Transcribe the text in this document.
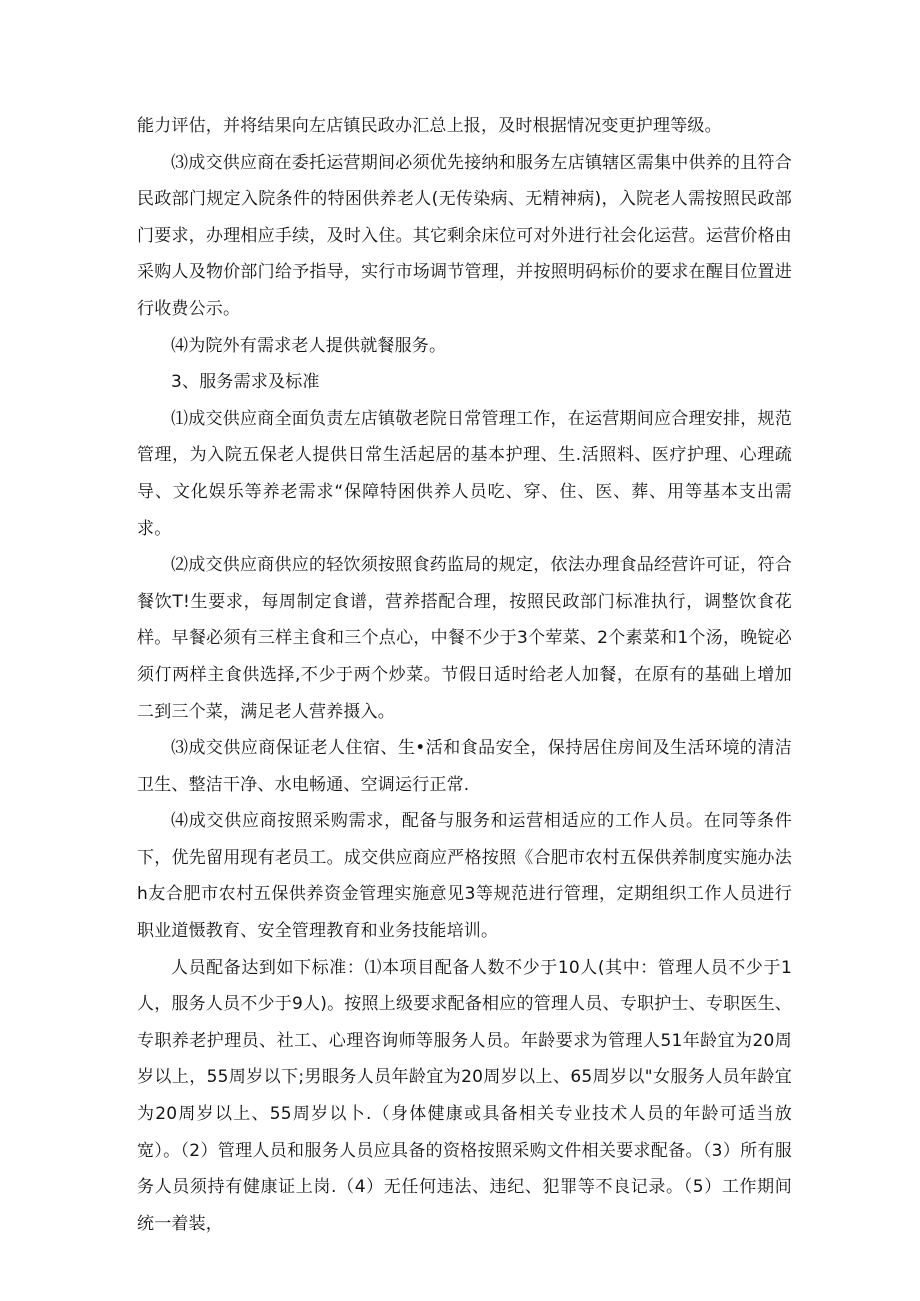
能力评估，并将结果向左店镇民政办汇总上报，及时根据情况变更护理等级。

⑶成交供应商在委托运营期间必须优先接纳和服务左店镇辖区需集中供养的且符合民政部门规定入院条件的特困供养老人(无传染病、无精神病)，入院老人需按照民政部门要求，办理相应手续，及时入住。其它剩余床位可对外进行社会化运营。运营价格由采购人及物价部门给予指导，实行市场调节管理，并按照明码标价的要求在醒目位置进行收费公示。

⑷为院外有需求老人提供就餐服务。

3、服务需求及标准

⑴成交供应商全面负责左店镇敬老院日常管理工作，在运营期间应合理安排，规范管理，为入院五保老人提供日常生活起居的基本护理、生.活照料、医疗护理、心理疏导、文化娱乐等养老需求“保障特困供养人员吃、穿、住、医、葬、用等基本支出需求。

⑵成交供应商供应的轻饮须按照食药监局的规定，依法办理食品经营许可证，符合餐饮T!生要求，每周制定食谱，营养搭配合理，按照民政部门标准执行，调整饮食花样。早餐必须有三样主食和三个点心，中餐不少于3个荤菜、2个素菜和1个汤，晚锭必须仃两样主食供选择,不少于两个炒菜。节假日适时给老人加餐，在原有的基础上增加二到三个菜，满足老人营养摄入。

⑶成交供应商保证老人住宿、生•活和食品安全，保持居住房间及生活环境的清洁卫生、整洁干净、水电畅通、空调运行正常.

⑷成交供应商按照采购需求，配备与服务和运营相适应的工作人员。在同等条件下，优先留用现有老员工。成交供应商应严格按照《合肥市农村五保供养制度实施办法h友合肥市农村五保供养资金管理实施意见3等规范进行管理，定期组织工作人员进行职业道慑教育、安全管理教育和业务技能培训。

人员配备达到如下标准：⑴本项目配备人数不少于10人(其中：管理人员不少于1人，服务人员不少于9人)。按照上级要求配备相应的管理人员、专职护士、专职医生、专职养老护理员、社工、心理咨询师等服务人员。年龄要求为管理人51年龄宜为20周岁以上，55周岁以下;男眼务人员年龄宜为20周岁以上、65周岁以"女服务人员年龄宜为20周岁以上、55周岁以卜.（身体健康或具备相关专业技术人员的年龄可适当放宽）。（2）管理人员和服务人员应具备的资格按照采购文件相关要求配备。（3）所有服务人员须持有健康证上岗.（4）无任何违法、违纪、犯罪等不良记录。（5）工作期间统一着装，
